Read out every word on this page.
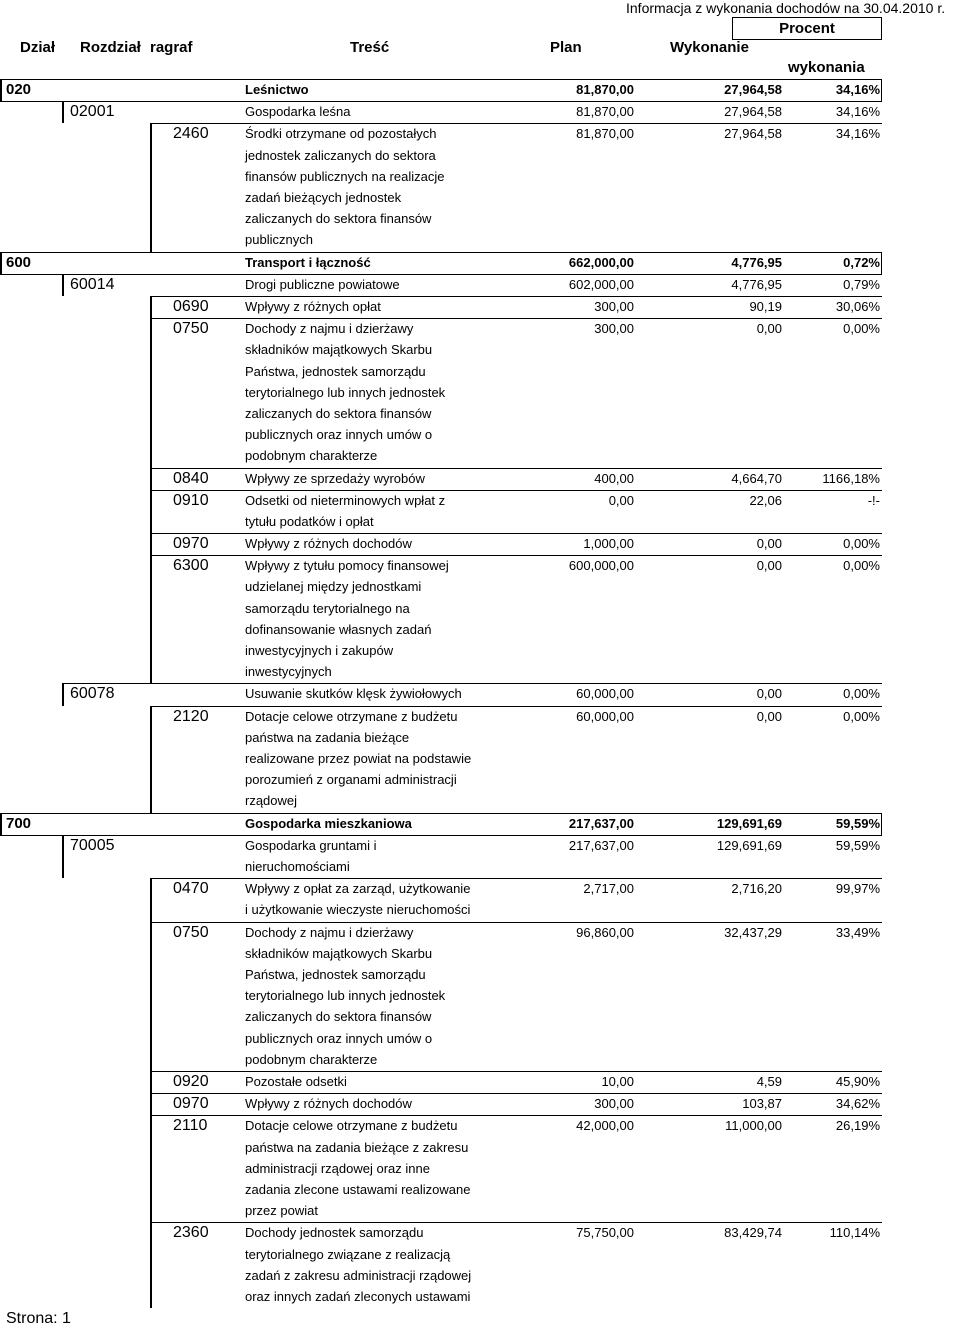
Informacja z wykonania dochodów na 30.04.2010 r.
Procent
Dział Rozdział ragraf	Treść	Plan	Wykonanie
wykonania
020	Leśnictwo	81,870,00	27,964,58	34,16%
02001	Gospodarka leśna	81,870,00	27,964,58	34,16%
2460	Środki otrzymane od pozostałych
jednostek zaliczanych do sektora
finansów publicznych na realizacje
zadań bieżących jednostek
zaliczanych do sektora finansów
publicznych
81,870,00	27,964,58	34,16%
600	Transport i łączność	662,000,00	4,776,95	0,72%
60014	Drogi publiczne powiatowe	602,000,00	4,776,95	0,79%
0690	Wpływy z różnych opłat	300,00	90,19	30,06%
0750	Dochody z najmu i dzierżawy
składników majątkowych Skarbu
Państwa, jednostek samorządu
terytorialnego lub innych jednostek
zaliczanych do sektora finansów
publicznych oraz innych umów o
podobnym charakterze
300,00	0,00	0,00%
0840	Wpływy ze sprzedaży wyrobów	400,00	4,664,70	1166,18%
0910	Odsetki od nieterminowych wpłat z
tytułu podatków i opłat
0,00	22,06	-!-
0970	Wpływy z różnych dochodów	1,000,00	0,00	0,00%
6300	Wpływy z tytułu pomocy finansowej
udzielanej między jednostkami
samorządu terytorialnego na
dofinansowanie własnych zadań
inwestycyjnych i zakupów
inwestycyjnych
600,000,00	0,00	0,00%
60078	Usuwanie skutków klęsk żywiołowych	60,000,00	0,00	0,00%
2120	Dotacje celowe otrzymane z budżetu
państwa na zadania bieżące
realizowane przez powiat na podstawie
porozumień z organami administracji
rządowej
60,000,00	0,00	0,00%
700	Gospodarka mieszkaniowa	217,637,00	129,691,69	59,59%
70005	Gospodarka gruntami i
nieruchomościami
217,637,00	129,691,69	59,59%
0470	Wpływy z opłat za zarząd, użytkowanie
i użytkowanie wieczyste nieruchomości
2,717,00	2,716,20	99,97%
0750	Dochody z najmu i dzierżawy
składników majątkowych Skarbu
Państwa, jednostek samorządu
terytorialnego lub innych jednostek
zaliczanych do sektora finansów
publicznych oraz innych umów o
podobnym charakterze
96,860,00	32,437,29	33,49%
0920	Pozostałe odsetki	10,00	4,59	45,90%
0970	Wpływy z różnych dochodów	300,00	103,87	34,62%
2110	Dotacje celowe otrzymane z budżetu
państwa na zadania bieżące z zakresu
administracji rządowej oraz inne
zadania zlecone ustawami realizowane
przez powiat
42,000,00	11,000,00	26,19%
2360	Dochody jednostek samorządu
terytorialnego związane z realizacją
zadań z zakresu administracji rządowej
oraz innych zadań zleconych ustawami
75,750,00	83,429,74	110,14%
Strona: 1
